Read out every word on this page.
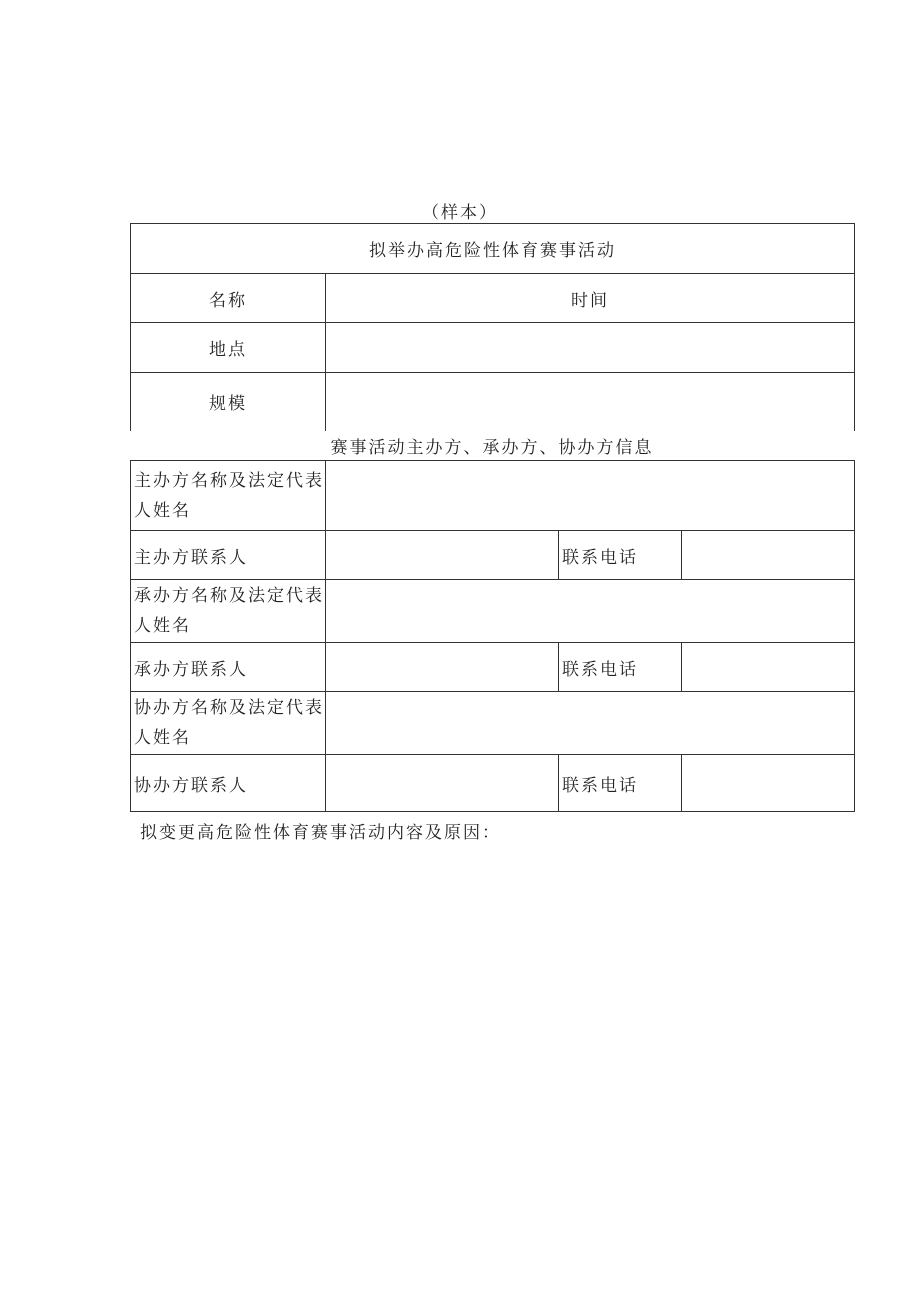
（样本）
拟举办高危险性体育赛事活动	
名称	时间
地点	
规模	
赛事活动主办方、承办方、协办方信息
主办方名称及法定代表人姓名			
主办方联系人		联系电话	
承办方名称及法定代表人姓名			
承办方联系人		联系电话	
协办方名称及法定代表人姓名			
协办方联系人		联系电话	
拟变更高危险性体育赛事活动内容及原因：
